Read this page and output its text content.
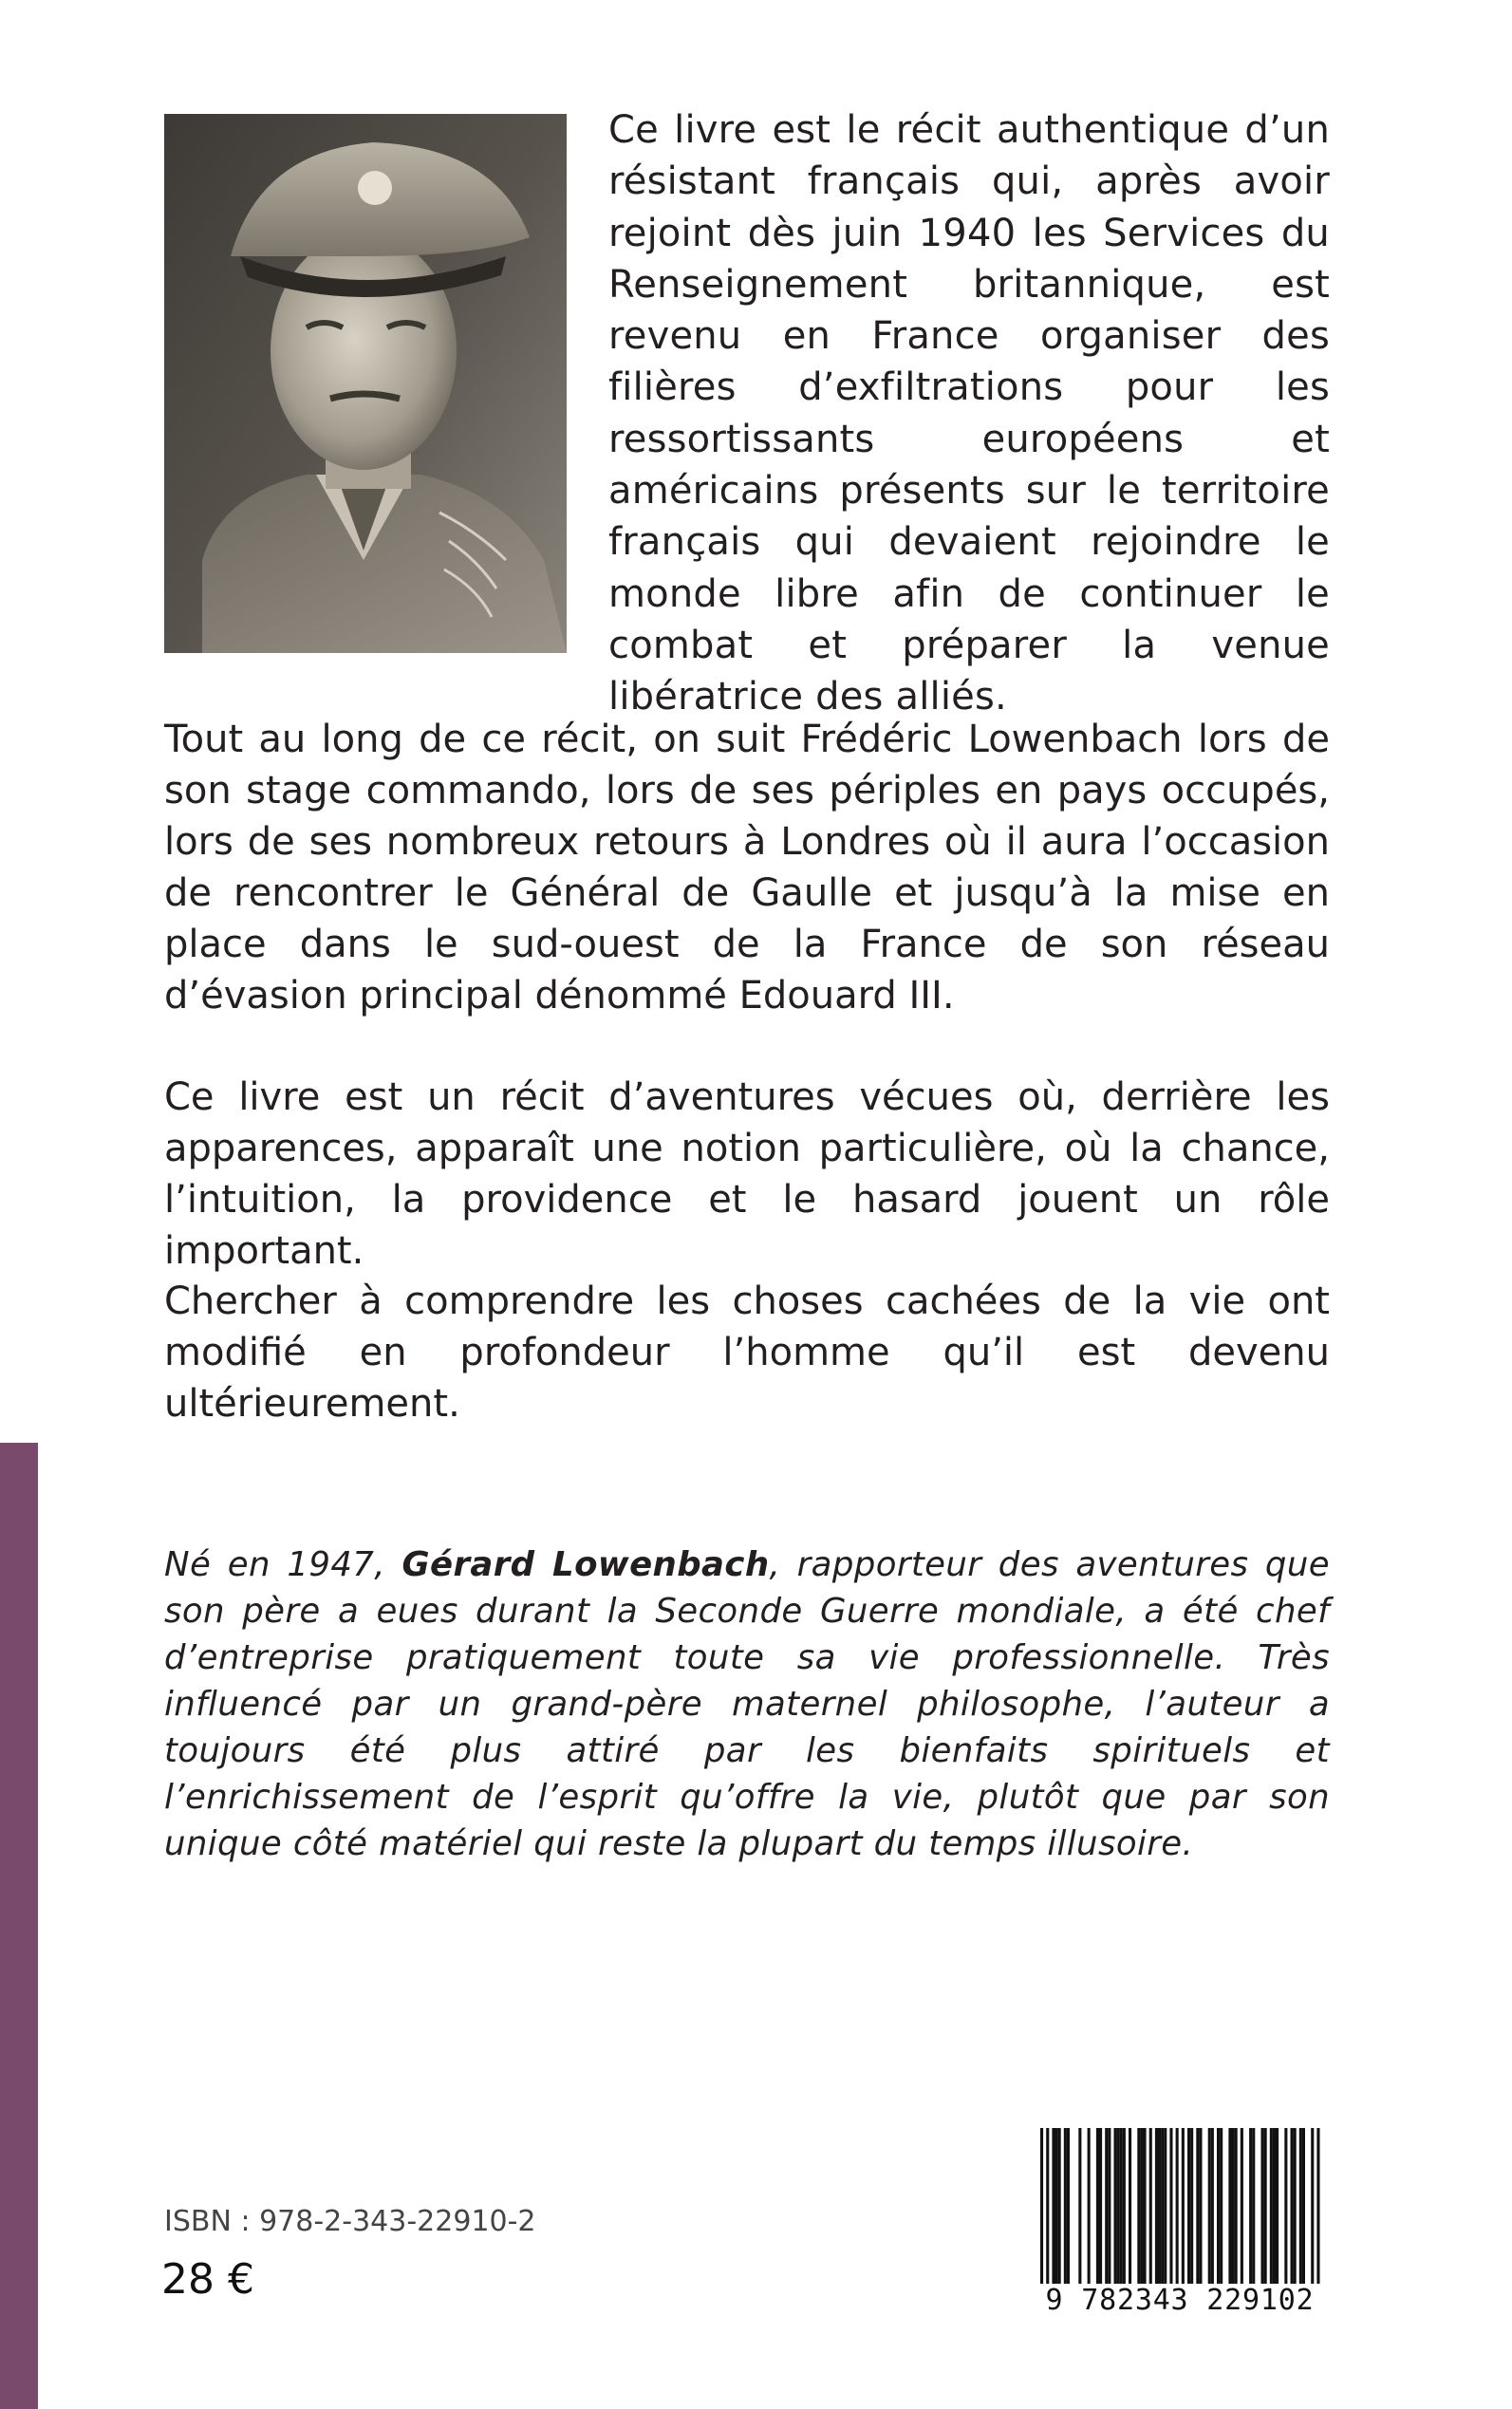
Ce livre est le récit authentique d’un résistant français qui, après avoir rejoint dès juin 1940 les Services du Renseignement britannique, est revenu en France organiser des filières d’exfiltrations pour les ressortissants européens et américains présents sur le territoire français qui devaient rejoindre le monde libre afin de continuer le combat et préparer la venue libératrice des alliés.

Tout au long de ce récit, on suit Frédéric Lowenbach lors de son stage commando, lors de ses périples en pays occupés, lors de ses nombreux retours à Londres où il aura l’occasion de rencontrer le Général de Gaulle et jusqu’à la mise en place dans le sud-ouest de la France de son réseau d’évasion principal dénommé Edouard III.

Ce livre est un récit d’aventures vécues où, derrière les apparences, apparaît une notion particulière, où la chance, l’intuition, la providence et le hasard jouent un rôle important.

Chercher à comprendre les choses cachées de la vie ont modifié en profondeur l’homme qu’il est devenu ultérieurement.

Né en 1947, Gérard Lowenbach, rapporteur des aventures que son père a eues durant la Seconde Guerre mondiale, a été chef d’entreprise pratiquement toute sa vie professionnelle. Très influencé par un grand-père maternel philosophe, l’auteur a toujours été plus attiré par les bienfaits spirituels et l’enrichissement de l’esprit qu’offre la vie, plutôt que par son unique côté matériel qui reste la plupart du temps illusoire.

ISBN : 978-2-343-22910-2

28 €	9 782343 229102
